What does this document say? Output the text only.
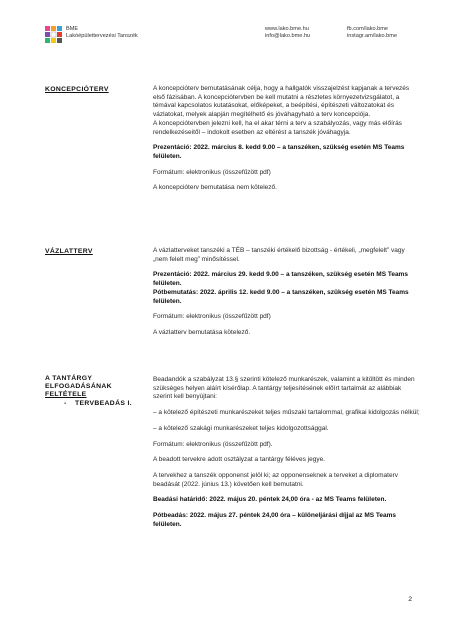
BME
Lakóépülettervezési Tanszék
www.lako.bme.hu
info@lako.bme.hu
fb.com/lako.bme
instagr.am/lako.bme
KONCEPCIÓTERV	A koncepcióterv bemutatásának célja, hogy a hallgatók visszajelzést kapjanak a tervezés első fázisában. A koncepciótervben be kell mutatni a részletes környezetvizsgálatot, a témával kapcsolatos kutatásokat, előképeket, a beépítési, építészeti változatokat és vázlatokat, melyek alapján megítélhető és jóváhagyható a terv koncepciója.

A koncepciótervben jelezni kell, ha el akar térni a terv a szabályozás, vagy más előírás rendelkezéseitől – indokolt esetben az eltérést a tanszék jóváhagyja.

Prezentáció: 2022. március 8. kedd 9.00 – a tanszéken, szükség esetén MS Teams felületen.

Formátum: elektronikus (összefűzött pdf)

A koncepcióterv bemutatása nem kötelező.

VÁZLATTERV	A vázlatterveket tanszéki a TÉB – tanszéki értékelő bizottság - értékeli, „megfelelt” vagy „nem felelt meg” minősítéssel.

Prezentáció: 2022. március 29. kedd 9.00 – a tanszéken, szükség esetén MS Teams felületen.

Pótbemutatás: 2022. április 12. kedd 9.00 – a tanszéken, szükség esetén MS Teams felületen.

Formátum: elektronikus (összefűzött pdf)

A vázlatterv bemutatása kötelező.

A TANTÁRGY
ELFOGADÁSÁNAK
FELTÉTELE
- TERVBEADÁS I.

Beadandók a szabályzat 13.§ szerinti kötelező munkarészek, valamint a kitöltött és minden szükséges helyen aláírt kísérőlap. A tantárgy teljesítésének előírt tartalmát az alábbiak szerint kell benyújtani:

– a kötelező építészeti munkarészeket teljes műszaki tartalommal, grafikai kidolgozás nélkül;

– a kötelező szakági munkarészeket teljes kidolgozottsággal.

Formátum: elektronikus (összefűzött pdf).

A beadott tervekre adott osztályzat a tantárgy féléves jegye.

A tervekhez a tanszék opponenst jelöl ki; az opponenseknek a terveket a diplomaterv beadását (2022. június 13.) követően kell bemutatni.

Beadási határidő: 2022. május 20. péntek 24,00 óra - az MS Teams felületen.

Pótbeadás: 2022. május 27. péntek 24,00 óra – különeljárási díjjal az MS Teams felületen.

2
